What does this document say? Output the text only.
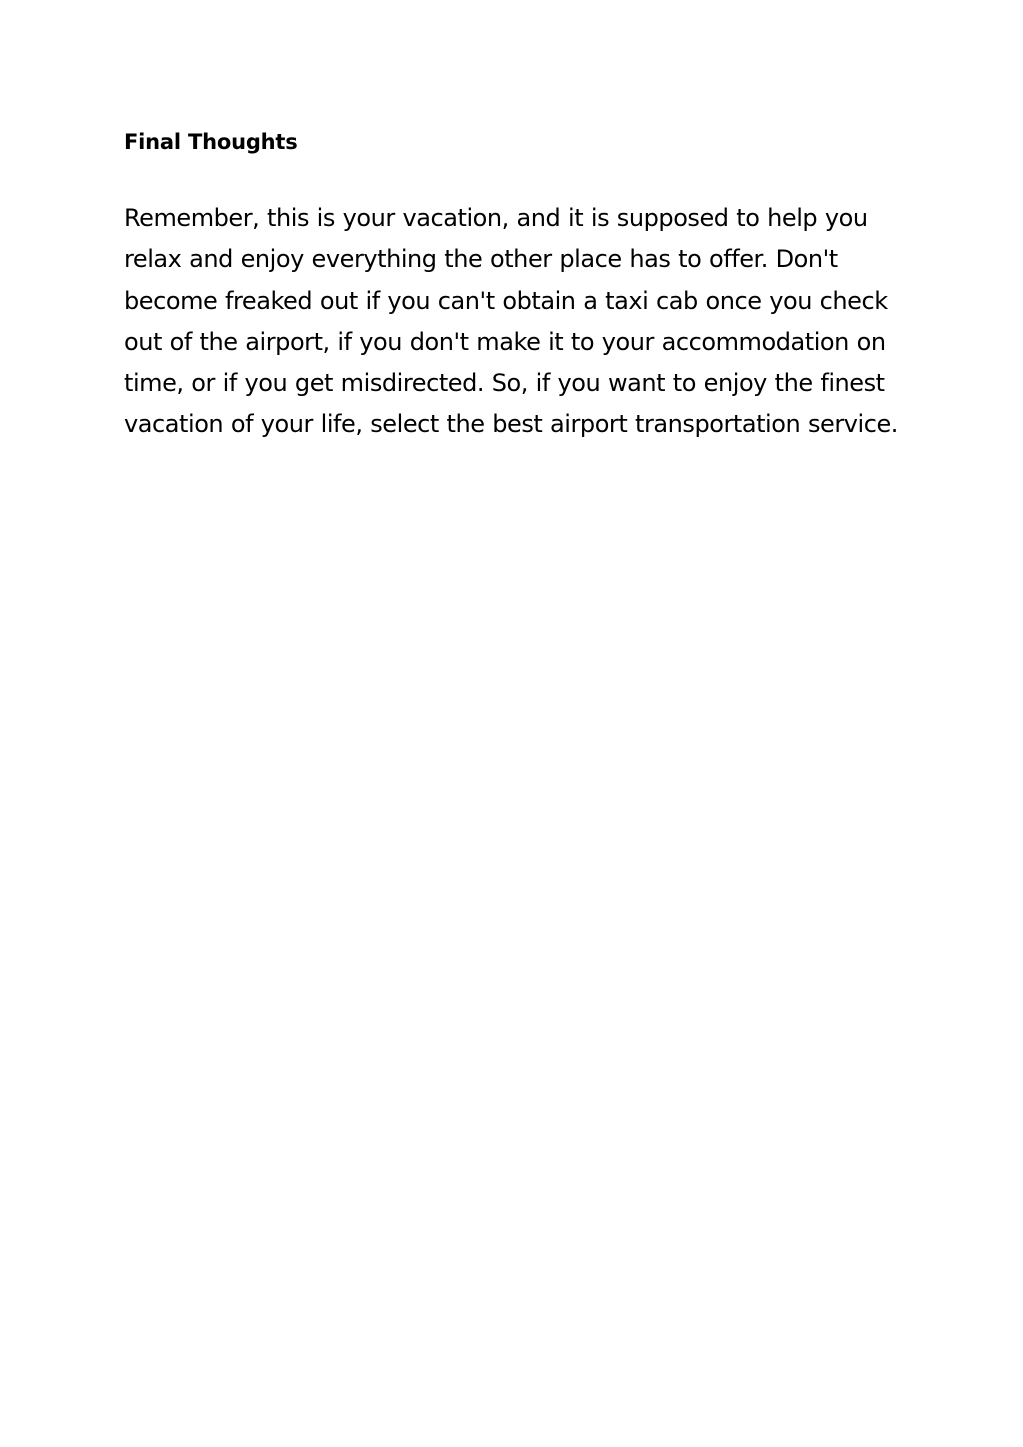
Final Thoughts

Remember, this is your vacation, and it is supposed to help you relax and enjoy everything the other place has to offer. Don't become freaked out if you can't obtain a taxi cab once you check out of the airport, if you don't make it to your accommodation on time, or if you get misdirected. So, if you want to enjoy the finest vacation of your life, select the best airport transportation service.
